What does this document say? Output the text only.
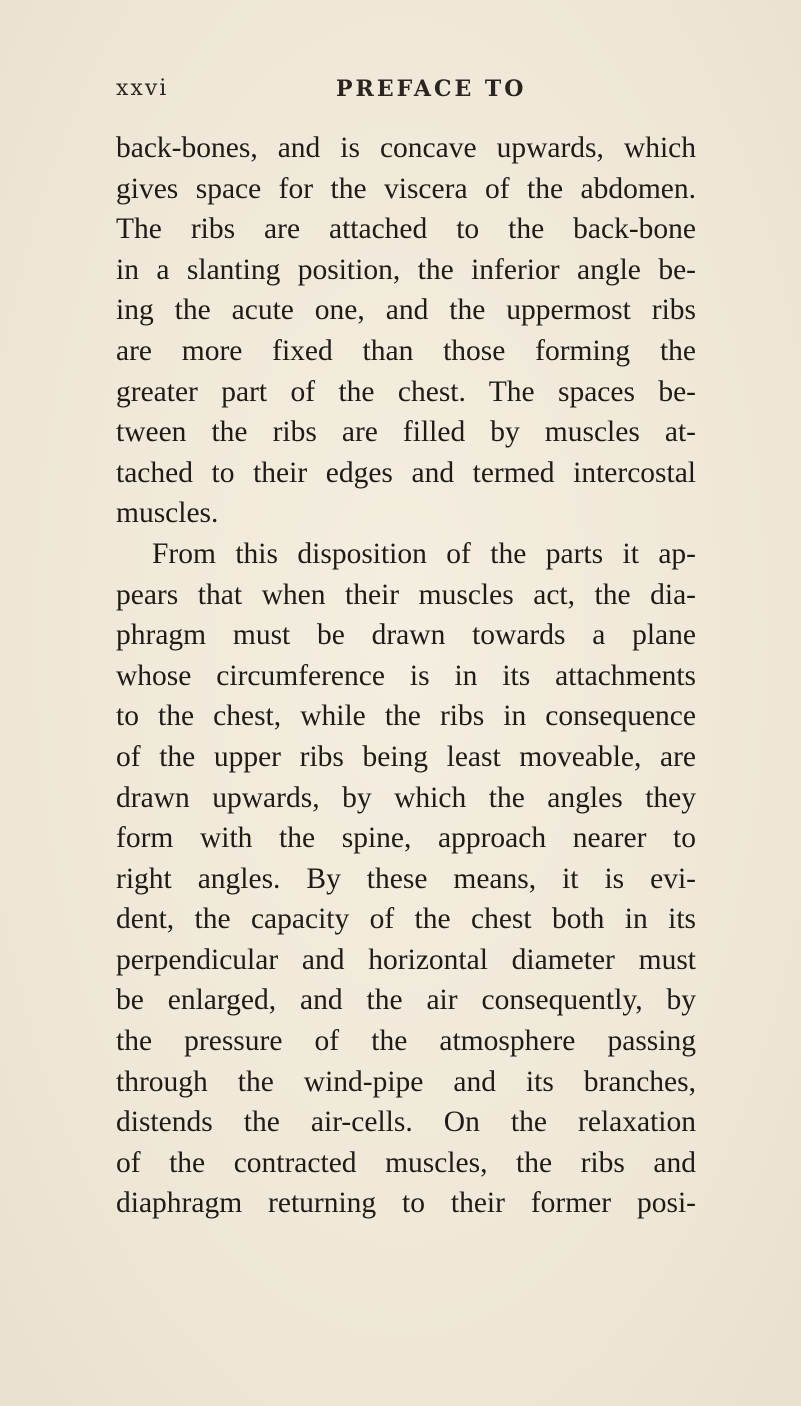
xxvi	PREFACE TO
back-bones, and is concave upwards, which
gives space for the viscera of the abdomen.
The ribs are attached to the back-bone
in a slanting position, the inferior angle be-
ing the acute one, and the uppermost ribs
are more fixed than those forming the
greater part of the chest. The spaces be-
tween the ribs are filled by muscles at-
tached to their edges and termed intercostal
muscles.
From this disposition of the parts it ap-
pears that when their muscles act, the dia-
phragm must be drawn towards a plane
whose circumference is in its attachments
to the chest, while the ribs in consequence
of the upper ribs being least moveable, are
drawn upwards, by which the angles they
form with the spine, approach nearer to
right angles. By these means, it is evi-
dent, the capacity of the chest both in its
perpendicular and horizontal diameter must
be enlarged, and the air consequently, by
the pressure of the atmosphere passing
through the wind-pipe and its branches,
distends the air-cells. On the relaxation
of the contracted muscles, the ribs and
diaphragm returning to their former posi-
